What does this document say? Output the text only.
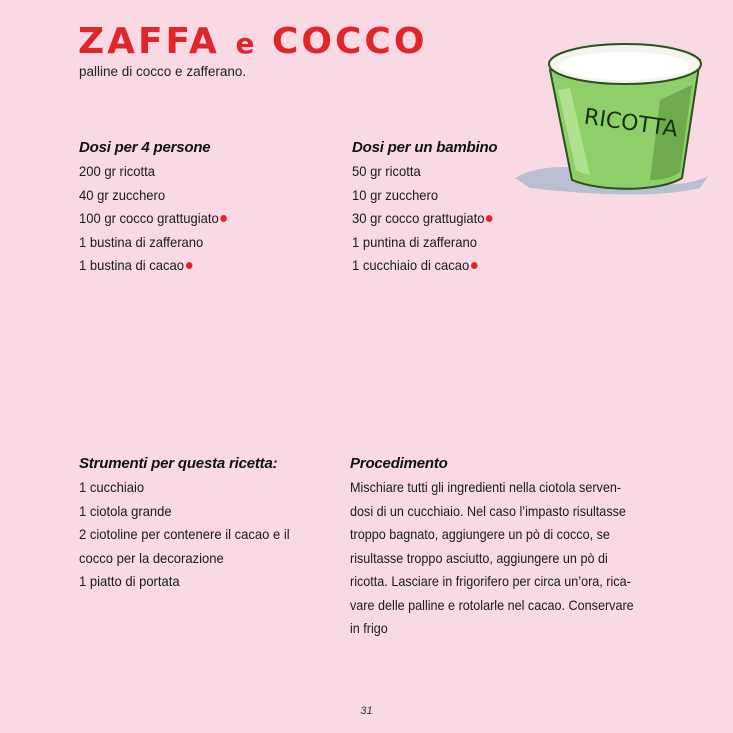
ZAFFA e COCCO
palline di cocco e zafferano.
RICOTTA
Dosi per 4 persone
200 gr ricotta
40 gr zucchero
100 gr cocco grattugiato
1 bustina di zafferano
1 bustina di cacao
Dosi per un bambino
50 gr ricotta
10 gr zucchero
30 gr cocco grattugiato
1 puntina di zafferano
1 cucchiaio di cacao
Strumenti per questa ricetta:
1 cucchiaio
1 ciotola grande
2 ciotoline per contenere il cacao e il
cocco per la decorazione
1 piatto di portata
Procedimento

Mischiare tutti gli ingredienti nella ciotola serven-
dosi di un cucchiaio. Nel caso l’impasto risultasse
troppo bagnato, aggiungere un pò di cocco, se
risultasse troppo asciutto, aggiungere un pò di
ricotta. Lasciare in frigorifero per circa un’ora, rica-
vare delle palline e rotolarle nel cacao. Conservare
in frigo

31
